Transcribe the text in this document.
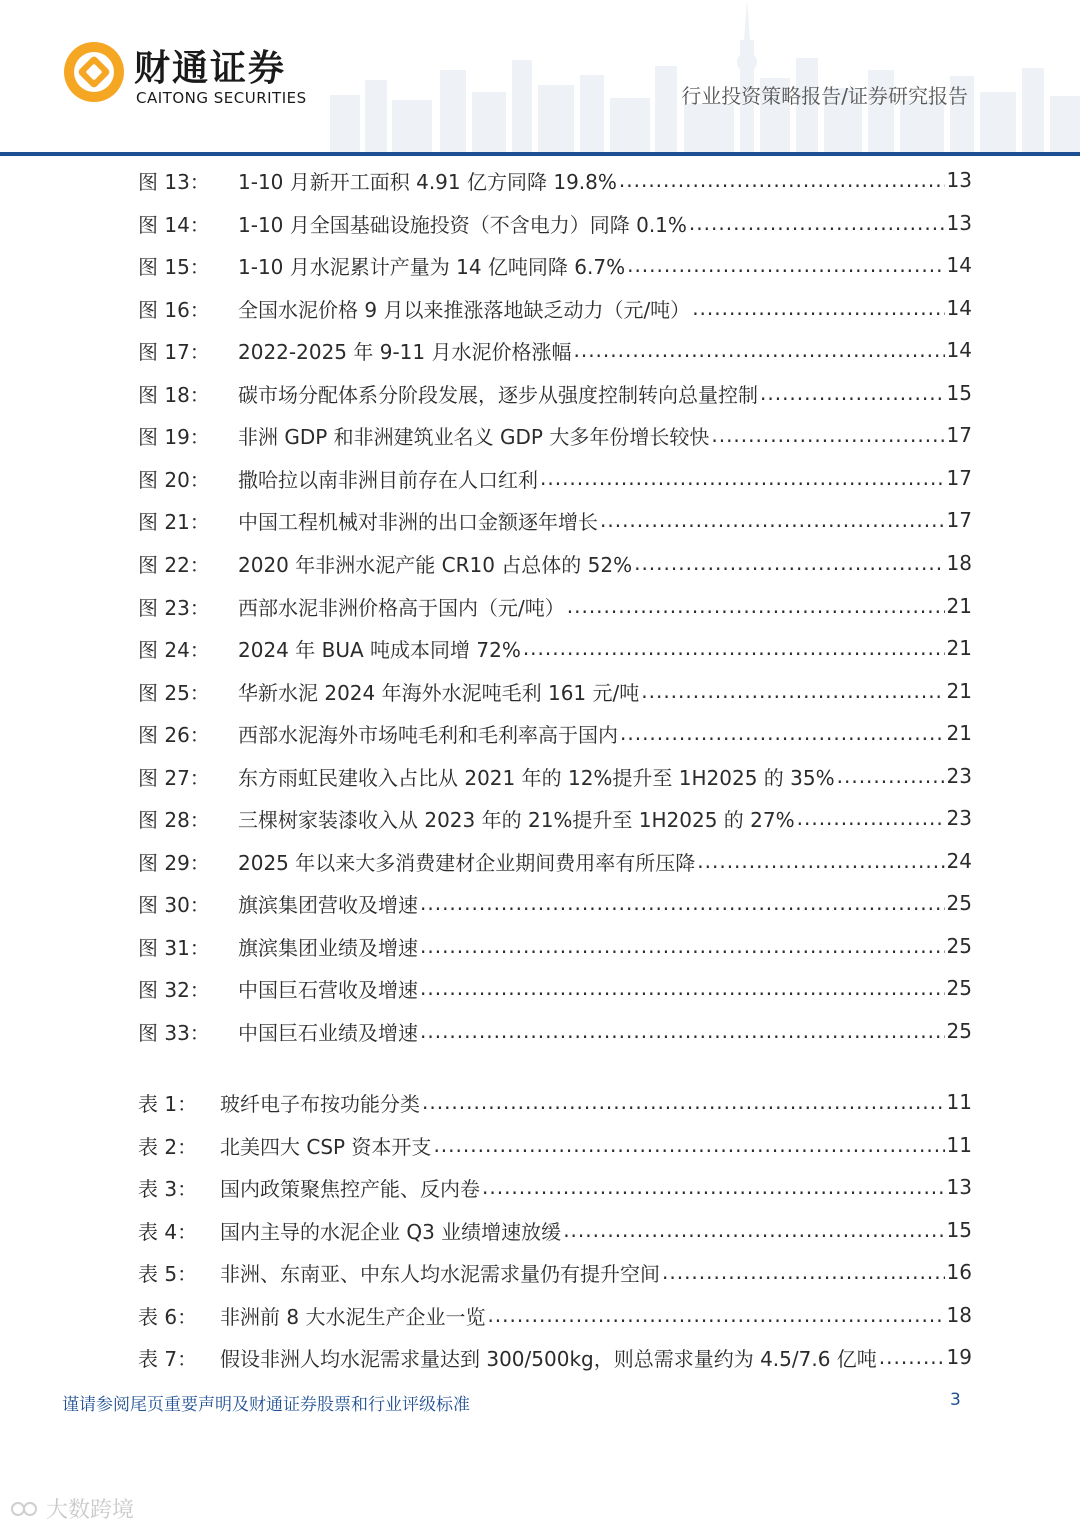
财通证券
CAITONG SECURITIES	行业投资策略报告/证券研究报告
图 13：	1-10 月新开工面积 4.91 亿方同降 19.8% .....	13
图 14：	1-10 月全国基础设施投资（不含电力）同降 0.1% .....	13
图 15：	1-10 月水泥累计产量为 14 亿吨同降 6.7% .....	14
图 16：	全国水泥价格 9 月以来推涨落地缺乏动力（元/吨） .....	14
图 17：	2022-2025 年 9-11 月水泥价格涨幅 .....	14
图 18：	碳市场分配体系分阶段发展，逐步从强度控制转向总量控制 .....	15
图 19：	非洲 GDP 和非洲建筑业名义 GDP 大多年份增长较快 .....	17
图 20：	撒哈拉以南非洲目前存在人口红利 .....	17
图 21：	中国工程机械对非洲的出口金额逐年增长 .....	17
图 22：	2020 年非洲水泥产能 CR10 占总体的 52% .....	18
图 23：	西部水泥非洲价格高于国内（元/吨） .....	21
图 24：	2024 年 BUA 吨成本同增 72% .....	21
图 25：	华新水泥 2024 年海外水泥吨毛利 161 元/吨 .....	21
图 26：	西部水泥海外市场吨毛利和毛利率高于国内 .....	21
图 27：	东方雨虹民建收入占比从 2021 年的 12%提升至 1H2025 的 35% .....	23
图 28：	三棵树家装漆收入从 2023 年的 21%提升至 1H2025 的 27% .....	23
图 29：	2025 年以来大多消费建材企业期间费用率有所压降 .....	24
图 30：	旗滨集团营收及增速 .....	25
图 31：	旗滨集团业绩及增速 .....	25
图 32：	中国巨石营收及增速 .....	25
图 33：	中国巨石业绩及增速 .....	25
表 1：	玻纤电子布按功能分类 .....	11
表 2：	北美四大 CSP 资本开支 .....	11
表 3：	国内政策聚焦控产能、反内卷 .....	13
表 4：	国内主导的水泥企业 Q3 业绩增速放缓 .....	15
表 5：	非洲、东南亚、中东人均水泥需求量仍有提升空间 .....	16
表 6：	非洲前 8 大水泥生产企业一览 .....	18
表 7：	假设非洲人均水泥需求量达到 300/500kg，则总需求量约为 4.5/7.6 亿吨 .....	19
谨请参阅尾页重要声明及财通证券股票和行业评级标准	3
大数跨境
